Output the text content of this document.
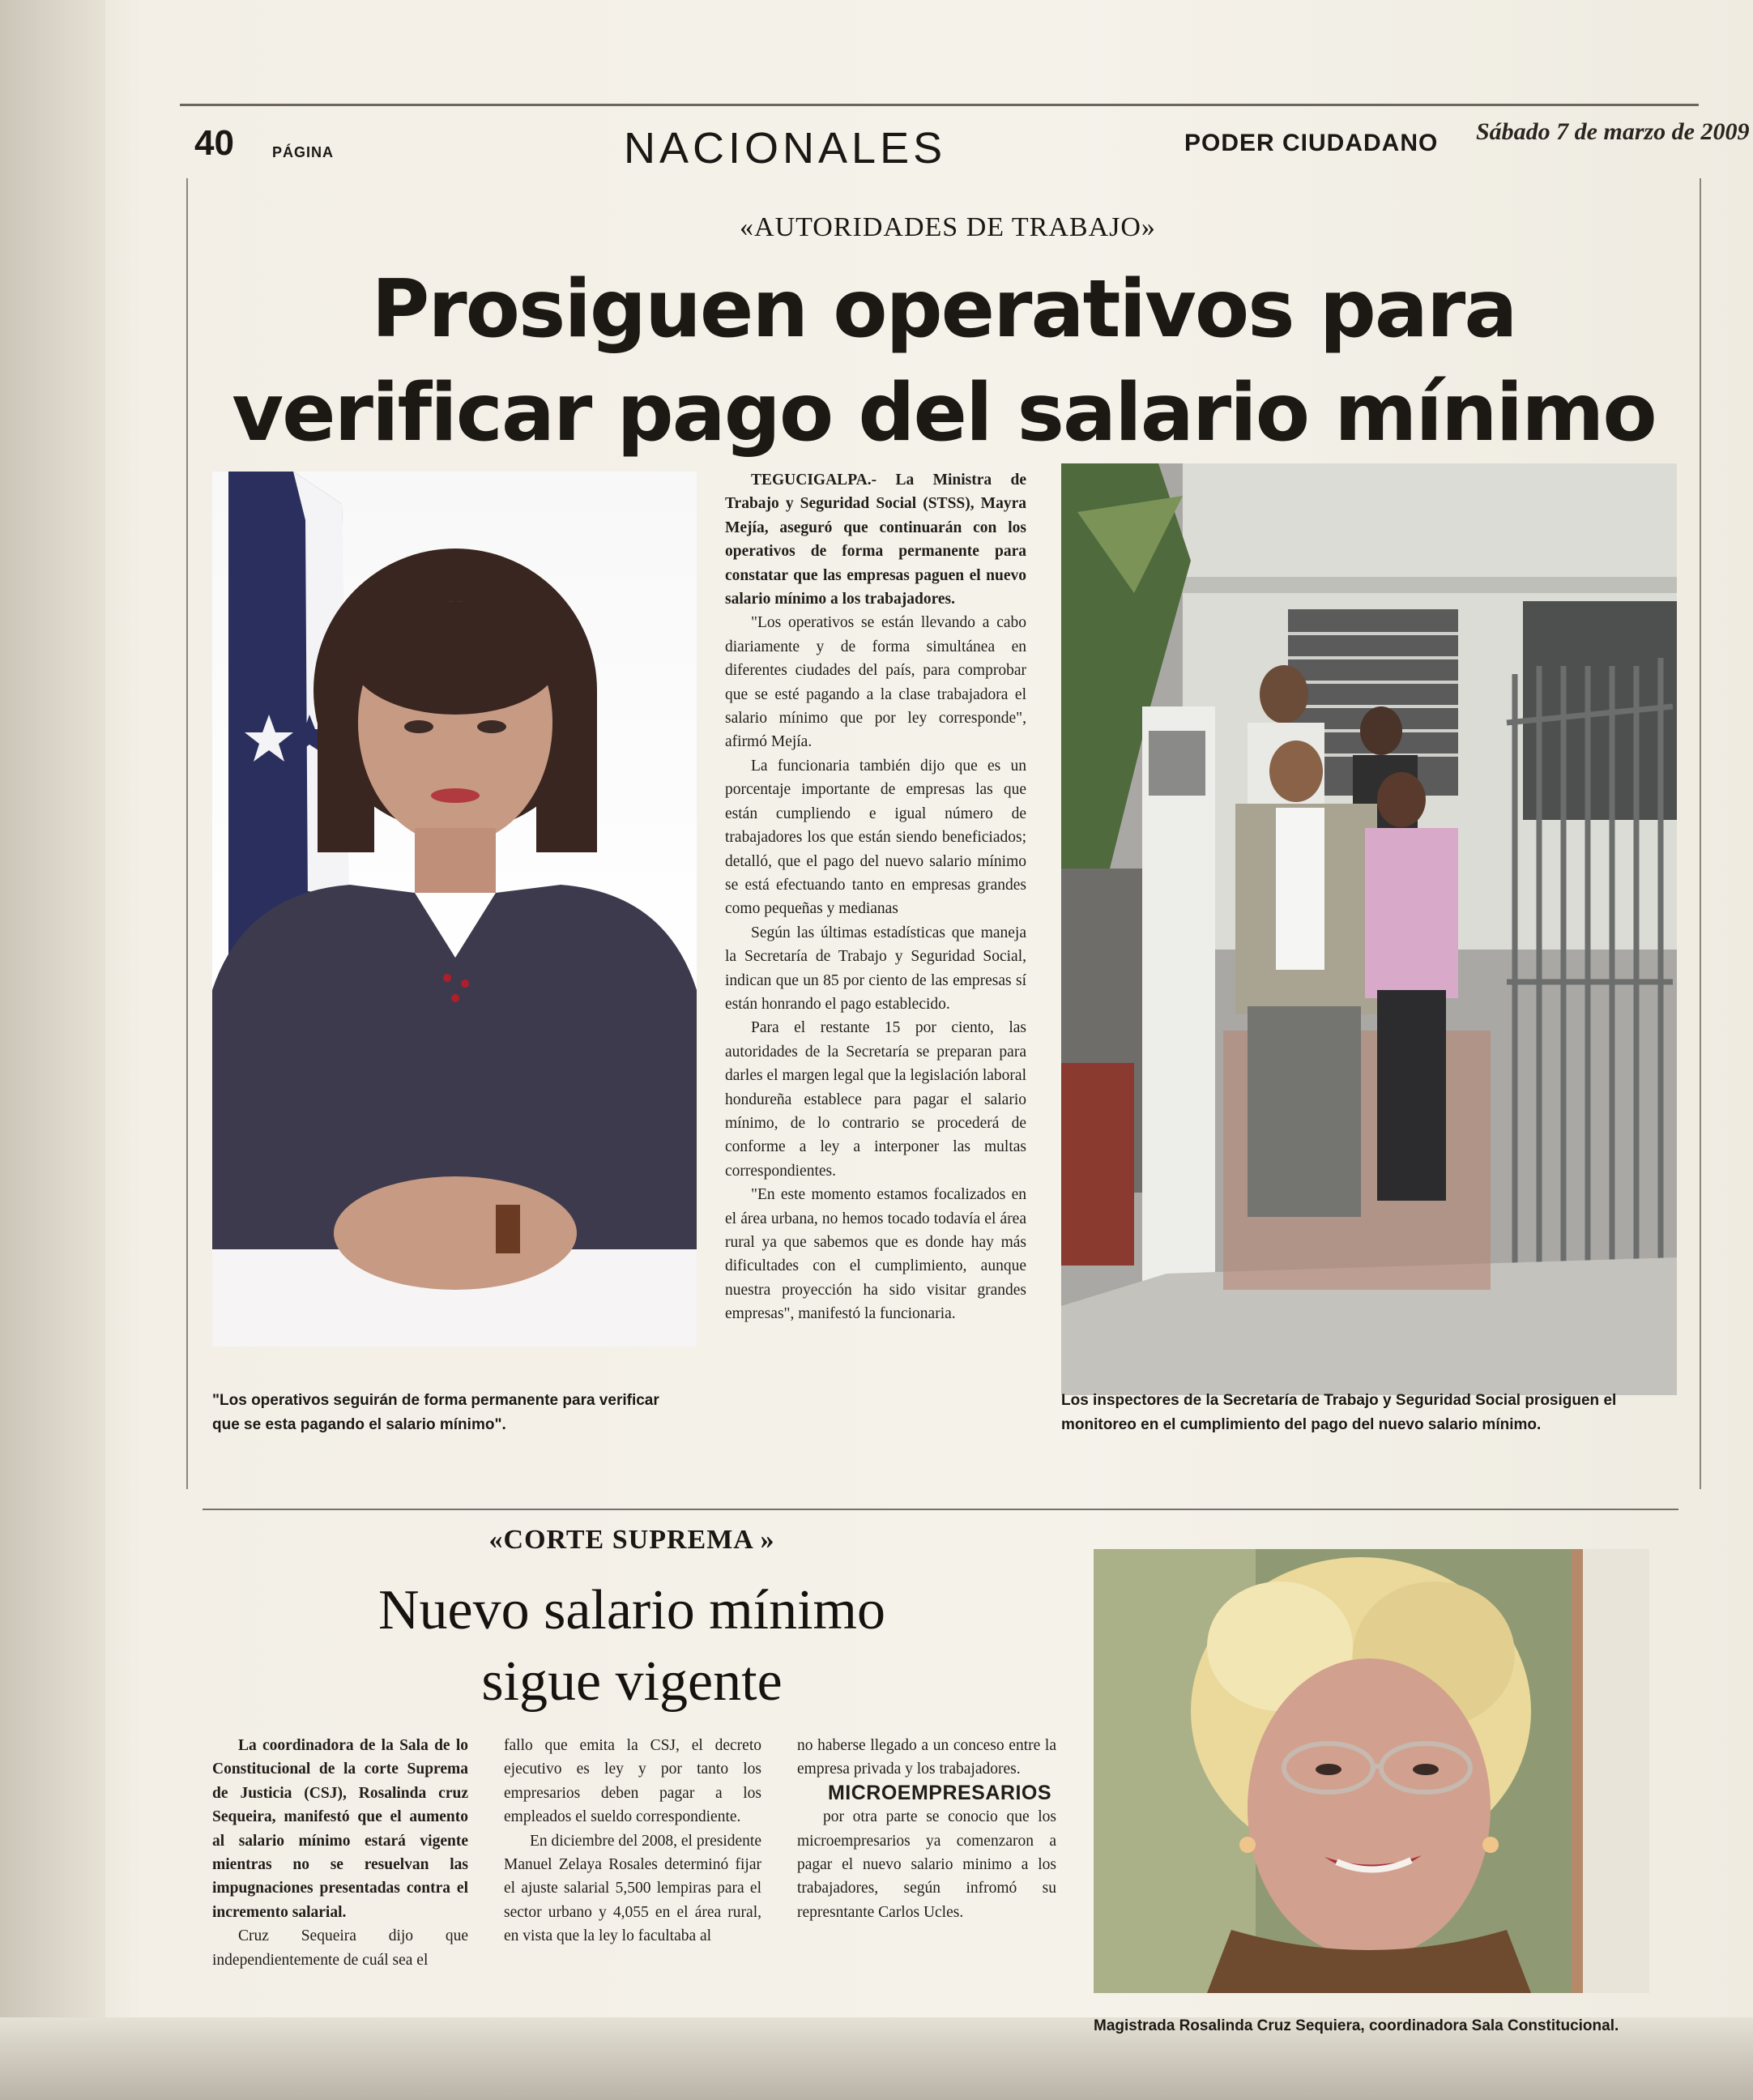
40	PÁGINA	NACIONALES	PODER CIUDADANO Sábado 7 de marzo de 2009
«AUTORIDADES DE TRABAJO»
Prosiguen operativos para
verificar pago del salario mínimo

TEGUCIGALPA.- La Ministra de Trabajo y Seguridad Social (STSS), Mayra Mejía, aseguró que continuarán con los operativos de forma permanente para constatar que las empresas paguen el nuevo salario mínimo a los trabajadores.

"Los operativos se están llevando a cabo diariamente y de forma simultánea en diferentes ciudades del país, para comprobar que se esté pagando a la clase trabajadora el salario mínimo que por ley corresponde", afirmó Mejía.

La funcionaria también dijo que es un porcentaje importante de empresas las que están cumpliendo e igual número de trabajadores los que están siendo beneficiados; detalló, que el pago del nuevo salario mínimo se está efectuando tanto en empresas grandes como pequeñas y medianas

Según las últimas estadísticas que maneja la Secretaría de Trabajo y Seguridad Social, indican que un 85 por ciento de las empresas sí están honrando el pago establecido.

Para el restante 15 por ciento, las autoridades de la Secretaría se preparan para darles el margen legal que la legislación laboral hondureña establece para pagar el salario mínimo, de lo contrario se procederá de conforme a ley a interponer las multas correspondientes.

"En este momento estamos focalizados en el área urbana, no hemos tocado todavía el área rural ya que sabemos que es donde hay más dificultades con el cumplimiento, aunque nuestra proyección ha sido visitar grandes empresas", manifestó la funcionaria.

"Los operativos seguirán de forma permanente para verificar que se esta pagando el salario mínimo".
Los inspectores de la Secretaría de Trabajo y Seguridad Social prosiguen el monitoreo en el cumplimiento del pago del nuevo salario mínimo.
«CORTE SUPREMA »
Nuevo salario mínimo
sigue vigente

La coordinadora de la Sala de lo Constitucional de la corte Suprema de Justicia (CSJ), Rosalinda cruz Sequeira, manifestó que el aumento al salario mínimo estará vigente mientras no se resuelvan las impugnaciones presentadas contra el incremento salarial.

Cruz Sequeira dijo que independientemente de cuál sea el

fallo que emita la CSJ, el decreto ejecutivo es ley y por tanto los empresarios deben pagar a los empleados el sueldo correspondiente.

En diciembre del 2008, el presidente Manuel Zelaya Rosales determinó fijar el ajuste salarial 5,500 lempiras para el sector urbano y 4,055 en el área rural, en vista que la ley lo facultaba al

no haberse llegado a un conceso entre la empresa privada y los trabajadores.

MICROEMPRESARIOS

por otra parte se conocio que los microempresarios ya comenzaron a pagar el nuevo salario minimo a los trabajadores, según infromó su represntante Carlos Ucles.

Magistrada Rosalinda Cruz Sequiera, coordinadora Sala Constitucional.
